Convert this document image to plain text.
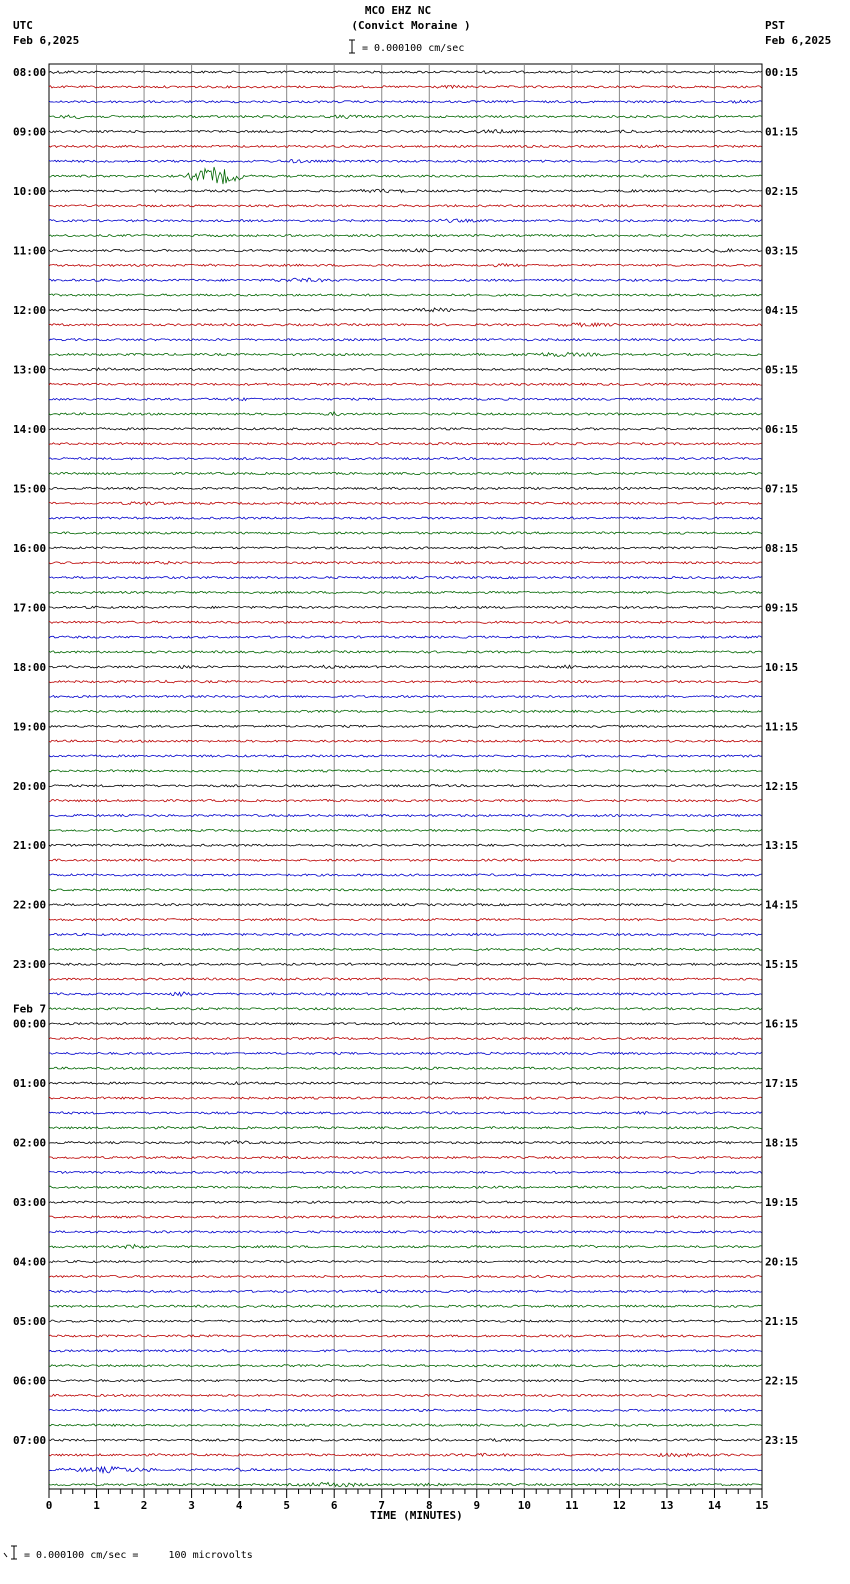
MCO EHZ NC
(Convict Moraine )
= 0.000100 cm/sec
UTC
Feb 6,2025
PST
Feb 6,2025
TIME (MINUTES)
= 0.000100 cm/sec =     100 microvolts
0	1	2	3	4	5	6	7	8	9	10	11	12	13	14	15
08:00
09:00
10:00
11:00
12:00
13:00
14:00
15:00
16:00
17:00
18:00
19:00
20:00
21:00
22:00
23:00
00:00
01:00
02:00
03:00
04:00
05:00
06:00
07:00
00:15
01:15
02:15
03:15
04:15
05:15
06:15
07:15
08:15
09:15
10:15
11:15
12:15
13:15
14:15
15:15
16:15
17:15
18:15
19:15
20:15
21:15
22:15
23:15
Feb 7
